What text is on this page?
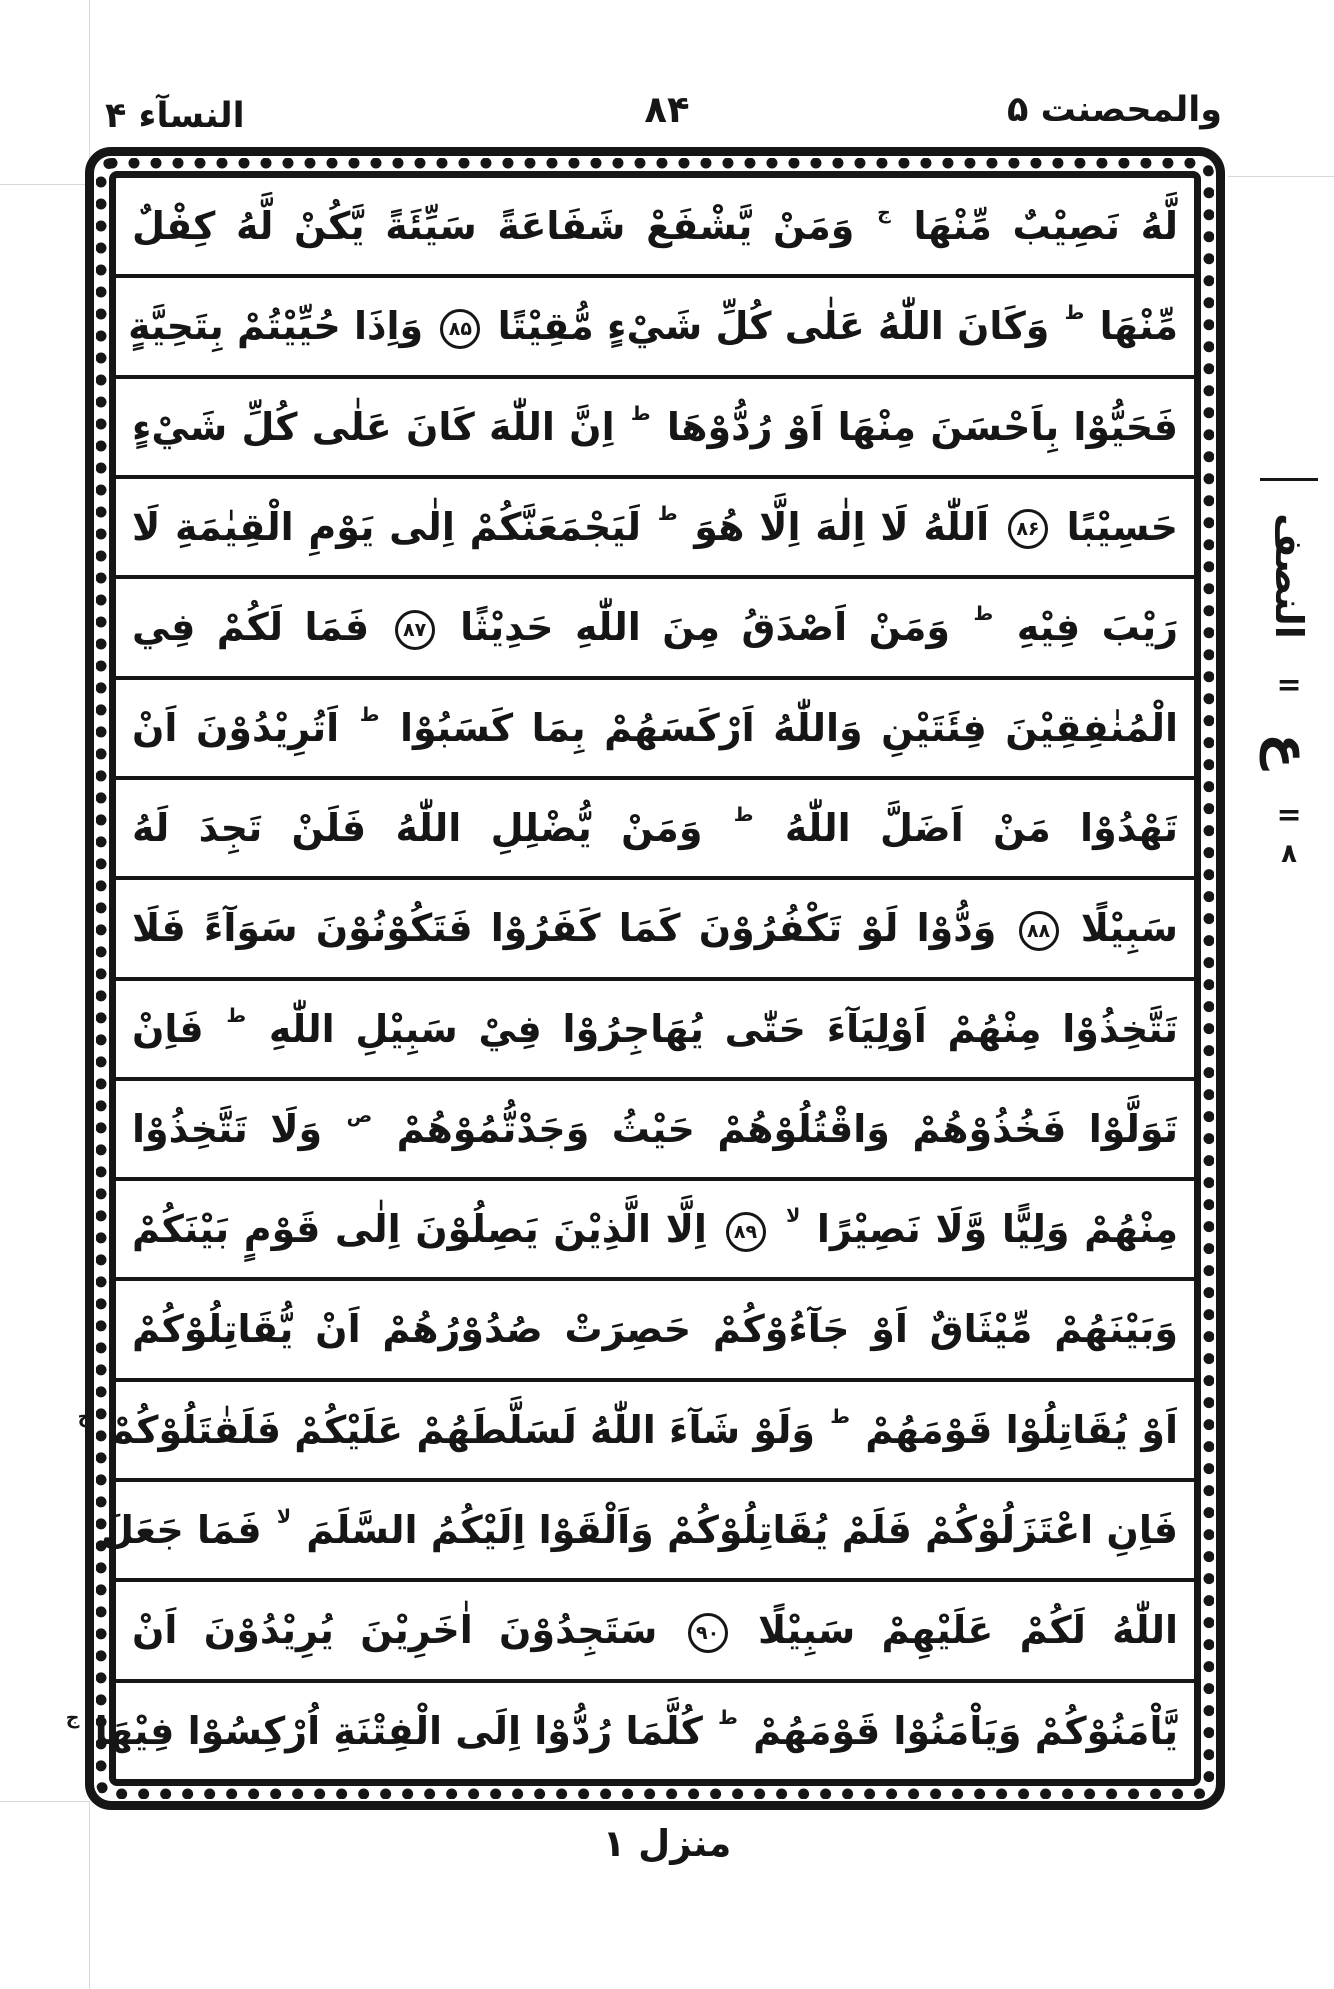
النسآء ۴	۸۴	والمحصنت ۵
لَّهُ نَصِيْبٌ مِّنْهَا ج وَمَنْ يَّشْفَعْ شَفَاعَةً سَيِّئَةً يَّكُنْ لَّهُ كِفْلٌ
مِّنْهَا ط وَكَانَ اللّٰهُ عَلٰى كُلِّ شَيْءٍ مُّقِيْتًا ۸۵ وَاِذَا حُيِّيْتُمْ بِتَحِيَّةٍ
فَحَيُّوْا بِاَحْسَنَ مِنْهَا اَوْ رُدُّوْهَا ط اِنَّ اللّٰهَ كَانَ عَلٰى كُلِّ شَيْءٍ
حَسِيْبًا ۸۶ اَللّٰهُ لَا اِلٰهَ اِلَّا هُوَ ط لَيَجْمَعَنَّكُمْ اِلٰى يَوْمِ الْقِيٰمَةِ لَا
رَيْبَ فِيْهِ ط وَمَنْ اَصْدَقُ مِنَ اللّٰهِ حَدِيْثًا ۸۷ فَمَا لَكُمْ فِي
الْمُنٰفِقِيْنَ فِئَتَيْنِ وَاللّٰهُ اَرْكَسَهُمْ بِمَا كَسَبُوْا ط اَتُرِيْدُوْنَ اَنْ
تَهْدُوْا مَنْ اَضَلَّ اللّٰهُ ط وَمَنْ يُّضْلِلِ اللّٰهُ فَلَنْ تَجِدَ لَهُ
سَبِيْلًا ۸۸ وَدُّوْا لَوْ تَكْفُرُوْنَ كَمَا كَفَرُوْا فَتَكُوْنُوْنَ سَوَآءً فَلَا
تَتَّخِذُوْا مِنْهُمْ اَوْلِيَآءَ حَتّٰى يُهَاجِرُوْا فِيْ سَبِيْلِ اللّٰهِ ط فَاِنْ
تَوَلَّوْا فَخُذُوْهُمْ وَاقْتُلُوْهُمْ حَيْثُ وَجَدْتُّمُوْهُمْ ص وَلَا تَتَّخِذُوْا
مِنْهُمْ وَلِيًّا وَّلَا نَصِيْرًا لا ۸۹ اِلَّا الَّذِيْنَ يَصِلُوْنَ اِلٰى قَوْمٍ بَيْنَكُمْ
وَبَيْنَهُمْ مِّيْثَاقٌ اَوْ جَآءُوْكُمْ حَصِرَتْ صُدُوْرُهُمْ اَنْ يُّقَاتِلُوْكُمْ
اَوْ يُقَاتِلُوْا قَوْمَهُمْ ط وَلَوْ شَآءَ اللّٰهُ لَسَلَّطَهُمْ عَلَيْكُمْ فَلَقٰتَلُوْكُمْ ج
فَاِنِ اعْتَزَلُوْكُمْ فَلَمْ يُقَاتِلُوْكُمْ وَاَلْقَوْا اِلَيْكُمُ السَّلَمَ لا فَمَا جَعَلَ
اللّٰهُ لَكُمْ عَلَيْهِمْ سَبِيْلًا ۹۰ سَتَجِدُوْنَ اٰخَرِيْنَ يُرِيْدُوْنَ اَنْ
يَّاْمَنُوْكُمْ وَيَاْمَنُوْا قَوْمَهُمْ ط كُلَّمَا رُدُّوْا اِلَى الْفِتْنَةِ اُرْكِسُوْا فِيْهَا ج
النصف
=
ع
=
۸
منزل ۱
